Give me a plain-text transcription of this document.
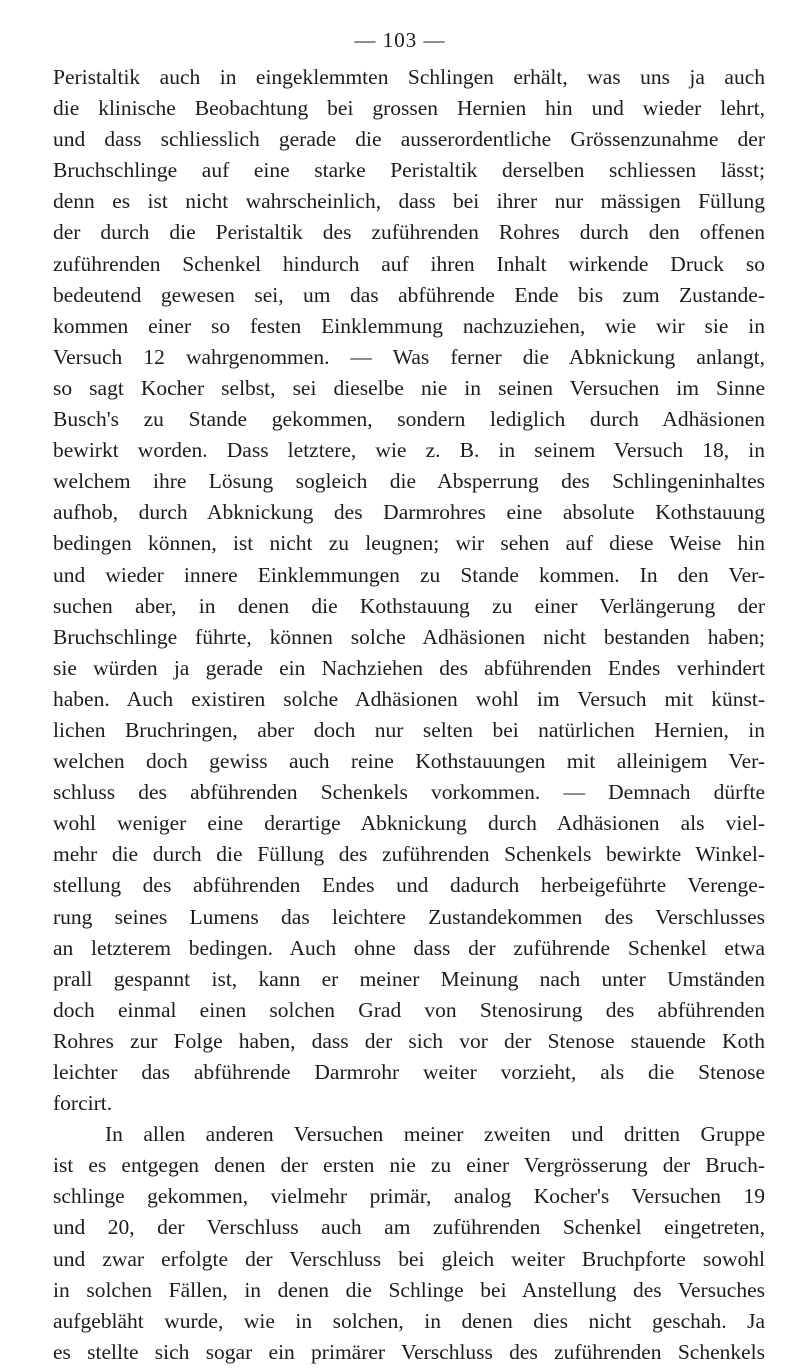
— 103 —
Peristaltik auch in eingeklemmten Schlingen erhält, was uns ja auch
die klinische Beobachtung bei grossen Hernien hin und wieder lehrt,
und dass schliesslich gerade die ausserordentliche Grössenzunahme der
Bruchschlinge auf eine starke Peristaltik derselben schliessen lässt;
denn es ist nicht wahrscheinlich, dass bei ihrer nur mässigen Füllung
der durch die Peristaltik des zuführenden Rohres durch den offenen
zuführenden Schenkel hindurch auf ihren Inhalt wirkende Druck so
bedeutend gewesen sei, um das abführende Ende bis zum Zustande-
kommen einer so festen Einklemmung nachzuziehen, wie wir sie in
Versuch 12 wahrgenommen. — Was ferner die Abknickung anlangt,
so sagt Kocher selbst, sei dieselbe nie in seinen Versuchen im Sinne
Busch's zu Stande gekommen, sondern lediglich durch Adhäsionen
bewirkt worden. Dass letztere, wie z. B. in seinem Versuch 18, in
welchem ihre Lösung sogleich die Absperrung des Schlingeninhaltes
aufhob, durch Abknickung des Darmrohres eine absolute Kothstauung
bedingen können, ist nicht zu leugnen; wir sehen auf diese Weise hin
und wieder innere Einklemmungen zu Stande kommen. In den Ver-
suchen aber, in denen die Kothstauung zu einer Verlängerung der
Bruchschlinge führte, können solche Adhäsionen nicht bestanden haben;
sie würden ja gerade ein Nachziehen des abführenden Endes verhindert
haben. Auch existiren solche Adhäsionen wohl im Versuch mit künst-
lichen Bruchringen, aber doch nur selten bei natürlichen Hernien, in
welchen doch gewiss auch reine Kothstauungen mit alleinigem Ver-
schluss des abführenden Schenkels vorkommen. — Demnach dürfte
wohl weniger eine derartige Abknickung durch Adhäsionen als viel-
mehr die durch die Füllung des zuführenden Schenkels bewirkte Winkel-
stellung des abführenden Endes und dadurch herbeigeführte Verenge-
rung seines Lumens das leichtere Zustandekommen des Verschlusses
an letzterem bedingen. Auch ohne dass der zuführende Schenkel etwa
prall gespannt ist, kann er meiner Meinung nach unter Umständen
doch einmal einen solchen Grad von Stenosirung des abführenden
Rohres zur Folge haben, dass der sich vor der Stenose stauende Koth
leichter das abführende Darmrohr weiter vorzieht, als die Stenose
forcirt.
In allen anderen Versuchen meiner zweiten und dritten Gruppe
ist es entgegen denen der ersten nie zu einer Vergrösserung der Bruch-
schlinge gekommen, vielmehr primär, analog Kocher's Versuchen 19
und 20, der Verschluss auch am zuführenden Schenkel eingetreten,
und zwar erfolgte der Verschluss bei gleich weiter Bruchpforte sowohl
in solchen Fällen, in denen die Schlinge bei Anstellung des Versuches
aufgebläht wurde, wie in solchen, in denen dies nicht geschah. Ja
es stellte sich sogar ein primärer Verschluss des zuführenden Schenkels
